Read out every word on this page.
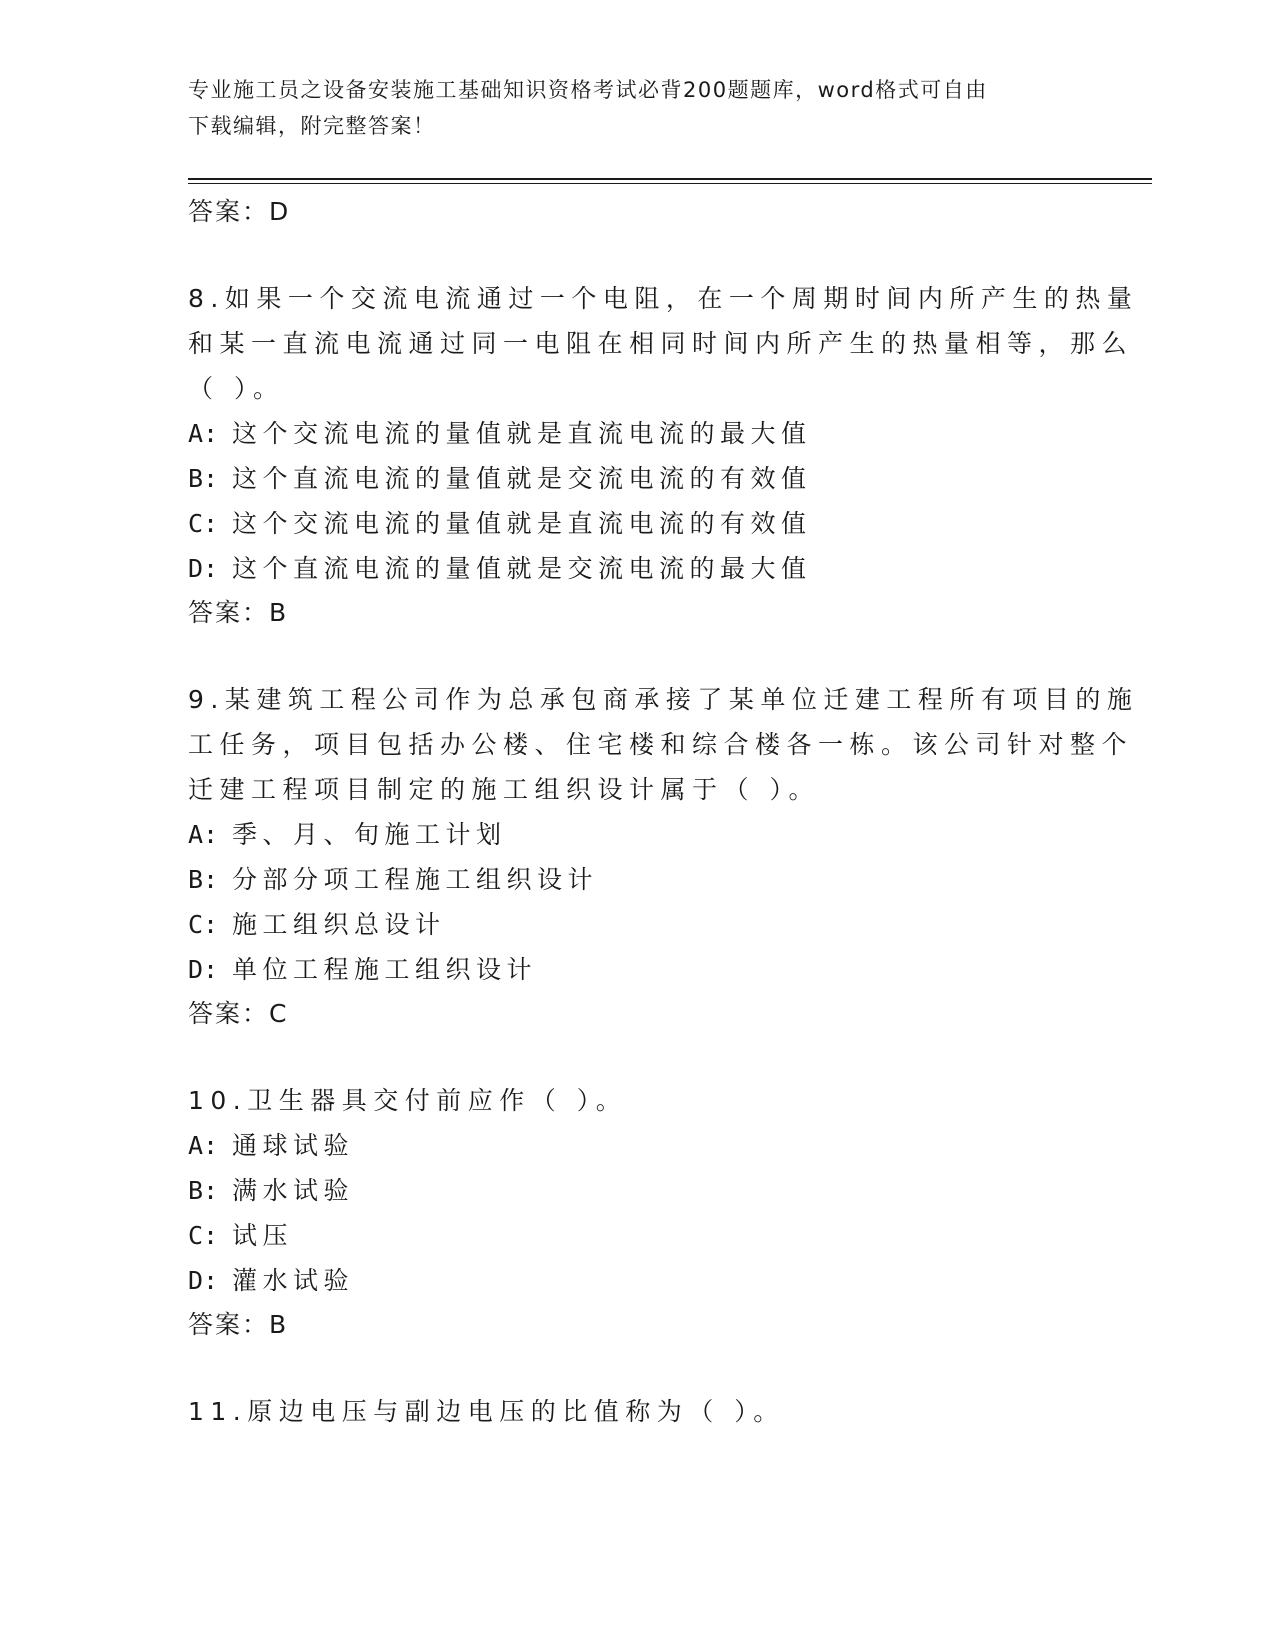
专业施工员之设备安装施工基础知识资格考试必背200题题库，word格式可自由
下载编辑，附完整答案！
答案：D
8.如果一个交流电流通过一个电阻，在一个周期时间内所产生的热量
和某一直流电流通过同一电阻在相同时间内所产生的热量相等，那么
（ ）。
A: 这个交流电流的量值就是直流电流的最大值
B: 这个直流电流的量值就是交流电流的有效值
C: 这个交流电流的量值就是直流电流的有效值
D: 这个直流电流的量值就是交流电流的最大值
答案：B
9.某建筑工程公司作为总承包商承接了某单位迁建工程所有项目的施
工任务，项目包括办公楼、住宅楼和综合楼各一栋。该公司针对整个
迁建工程项目制定的施工组织设计属于（ ）。
A: 季、月、旬施工计划
B: 分部分项工程施工组织设计
C: 施工组织总设计
D: 单位工程施工组织设计
答案：C
10.卫生器具交付前应作（ ）。
A: 通球试验
B: 满水试验
C: 试压
D: 灌水试验
答案：B
11.原边电压与副边电压的比值称为（ ）。
